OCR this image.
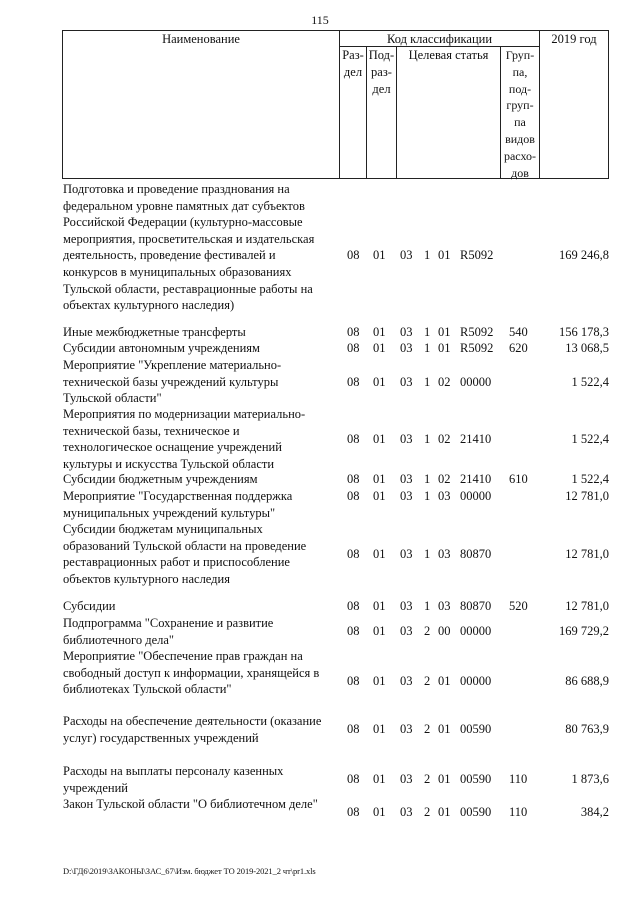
115
Наименование	Код классификации	2019 год
Целевая статья
Раз-
дел
Под-
раз-
дел
Груп-
па,
под-
груп-
па
видов
расхо-
дов
Подготовка и проведение празднования на
федеральном уровне памятных дат субъектов
Российской Федерации (культурно-массовые
мероприятия, просветительская и издательская
деятельность, проведение фестивалей и
конкурсов в муниципальных образованиях
Тульской области, реставрационные работы на
объектах культурного наследия)
08 01 03 1 01 R5092	169 246,8
Иные межбюджетные трансферты	08 01 03 1 01 R5092 540	156 178,3
Субсидии автономным учреждениям	08 01 03 1 01 R5092 620	13 068,5
Мероприятие "Укрепление материально-
технической базы учреждений культуры
Тульской области"
08 01 03 1 02 00000	1 522,4
Мероприятия по модернизации материально-
технической базы, техническое и
технологическое оснащение учреждений
культуры и искусства Тульской области
08 01 03 1 02 21410	1 522,4
Субсидии бюджетным учреждениям	08 01 03 1 02 21410 610	1 522,4
Мероприятие "Государственная поддержка
муниципальных учреждений культуры"
08 01 03 1 03 00000	12 781,0
Субсидии бюджетам муниципальных
образований Тульской области на проведение
реставрационных работ и приспособление
объектов культурного наследия
08 01 03 1 03 80870	12 781,0
Субсидии	08 01 03 1 03 80870 520	12 781,0
Подпрограмма "Сохранение и развитие
библиотечного дела"
08 01 03 2 00 00000	169 729,2
Мероприятие "Обеспечение прав граждан на
свободный доступ к информации, хранящейся в
библиотеках Тульской области"
08 01 03 2 01 00000	86 688,9
Расходы на обеспечение деятельности (оказание
услуг) государственных учреждений
08 01 03 2 01 00590	80 763,9
Расходы на выплаты персоналу казенных
учреждений
08 01 03 2 01 00590 110	1 873,6
Закон Тульской области "О библиотечном деле"
08 01 03 2 01 00590 110	384,2
D:\ГД6\2019\ЗАКОНЫ\ЗАС_67\Изм. бюджет ТО 2019-2021_2 чт\pr1.xls
